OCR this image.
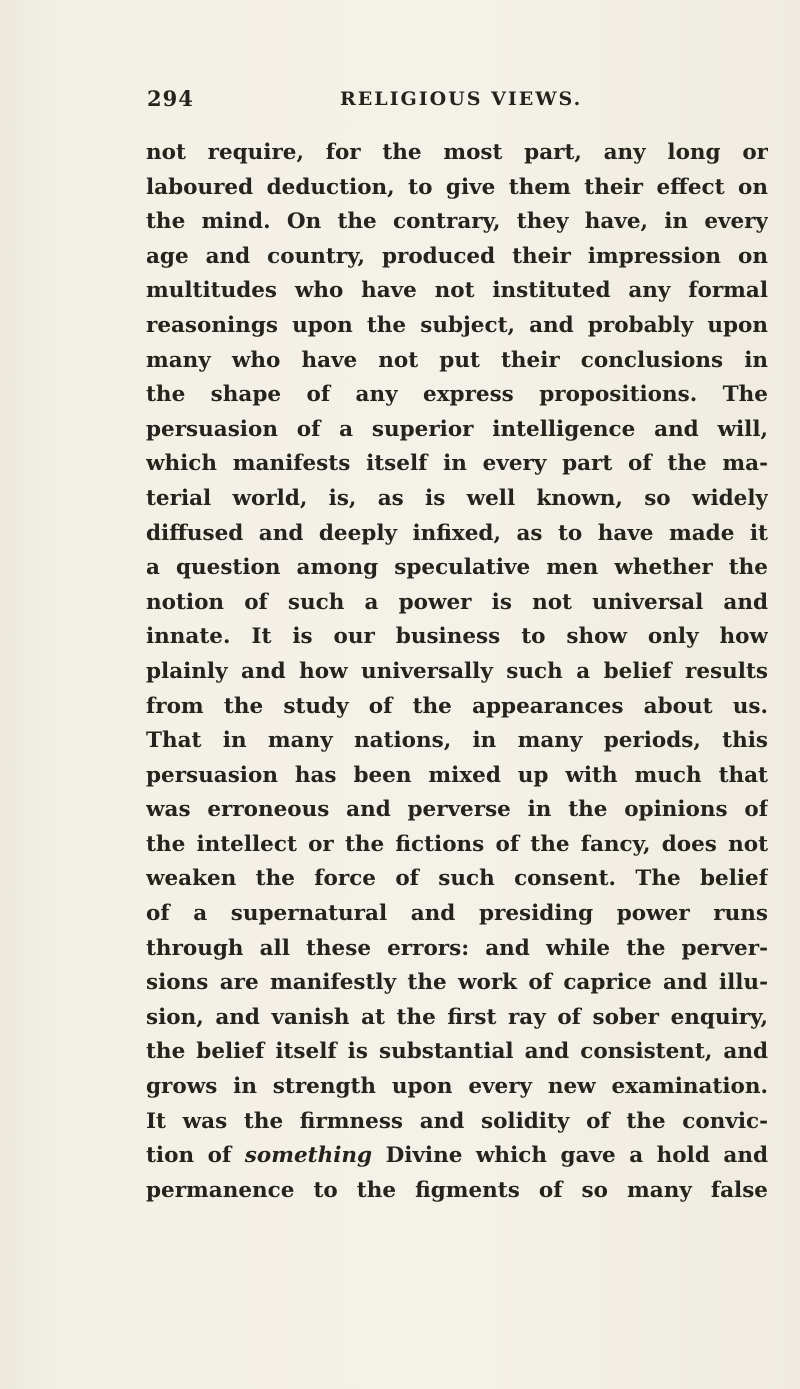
294	RELIGIOUS VIEWS.
not require, for the most part, any long or
laboured deduction, to give them their effect on
the mind. On the contrary, they have, in every
age and country, produced their impression on
multitudes who have not instituted any formal
reasonings upon the subject, and probably upon
many who have not put their conclusions in
the shape of any express propositions. The
persuasion of a superior intelligence and will,
which manifests itself in every part of the ma-
terial world, is, as is well known, so widely
diffused and deeply infixed, as to have made it
a question among speculative men whether the
notion of such a power is not universal and
innate. It is our business to show only how
plainly and how universally such a belief results
from the study of the appearances about us.
That in many nations, in many periods, this
persuasion has been mixed up with much that
was erroneous and perverse in the opinions of
the intellect or the fictions of the fancy, does not
weaken the force of such consent. The belief
of a supernatural and presiding power runs
through all these errors: and while the perver-
sions are manifestly the work of caprice and illu-
sion, and vanish at the first ray of sober enquiry,
the belief itself is substantial and consistent, and
grows in strength upon every new examination.
It was the firmness and solidity of the convic-
tion of something Divine which gave a hold and
permanence to the figments of so many false
